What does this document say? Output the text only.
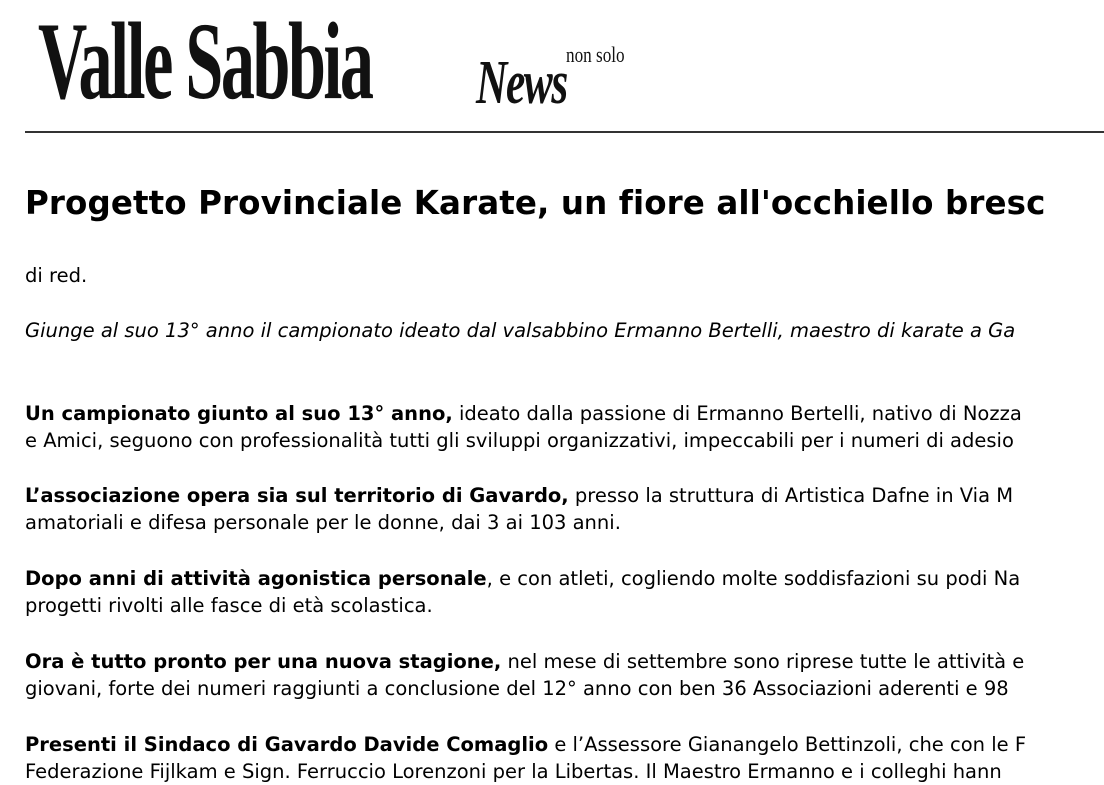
Valle Sabbia	non solo
News
Progetto Provinciale Karate, un fiore all'occhiello bresc

di red.

Giunge al suo 13° anno il campionato ideato dal valsabbino Ermanno Bertelli, maestro di karate a Ga

Un campionato giunto al suo 13° anno, ideato dalla passione di Ermanno Bertelli, nativo di Nozza
e Amici, seguono con professionalità tutti gli sviluppi organizzativi, impeccabili per i numeri di adesio
L’associazione opera sia sul territorio di Gavardo, presso la struttura di Artistica Dafne in Via M
amatoriali e difesa personale per le donne, dai 3 ai 103 anni.
Dopo anni di attività agonistica personale, e con atleti, cogliendo molte soddisfazioni su podi Na
progetti rivolti alle fasce di età scolastica.
Ora è tutto pronto per una nuova stagione, nel mese di settembre sono riprese tutte le attività e
giovani, forte dei numeri raggiunti a conclusione del 12° anno con ben 36 Associazioni aderenti e 98
Presenti il Sindaco di Gavardo Davide Comaglio e l’Assessore Gianangelo Bettinzoli, che con le F
Federazione Fijlkam e Sign. Ferruccio Lorenzoni per la Libertas. Il Maestro Ermanno e i colleghi hann
